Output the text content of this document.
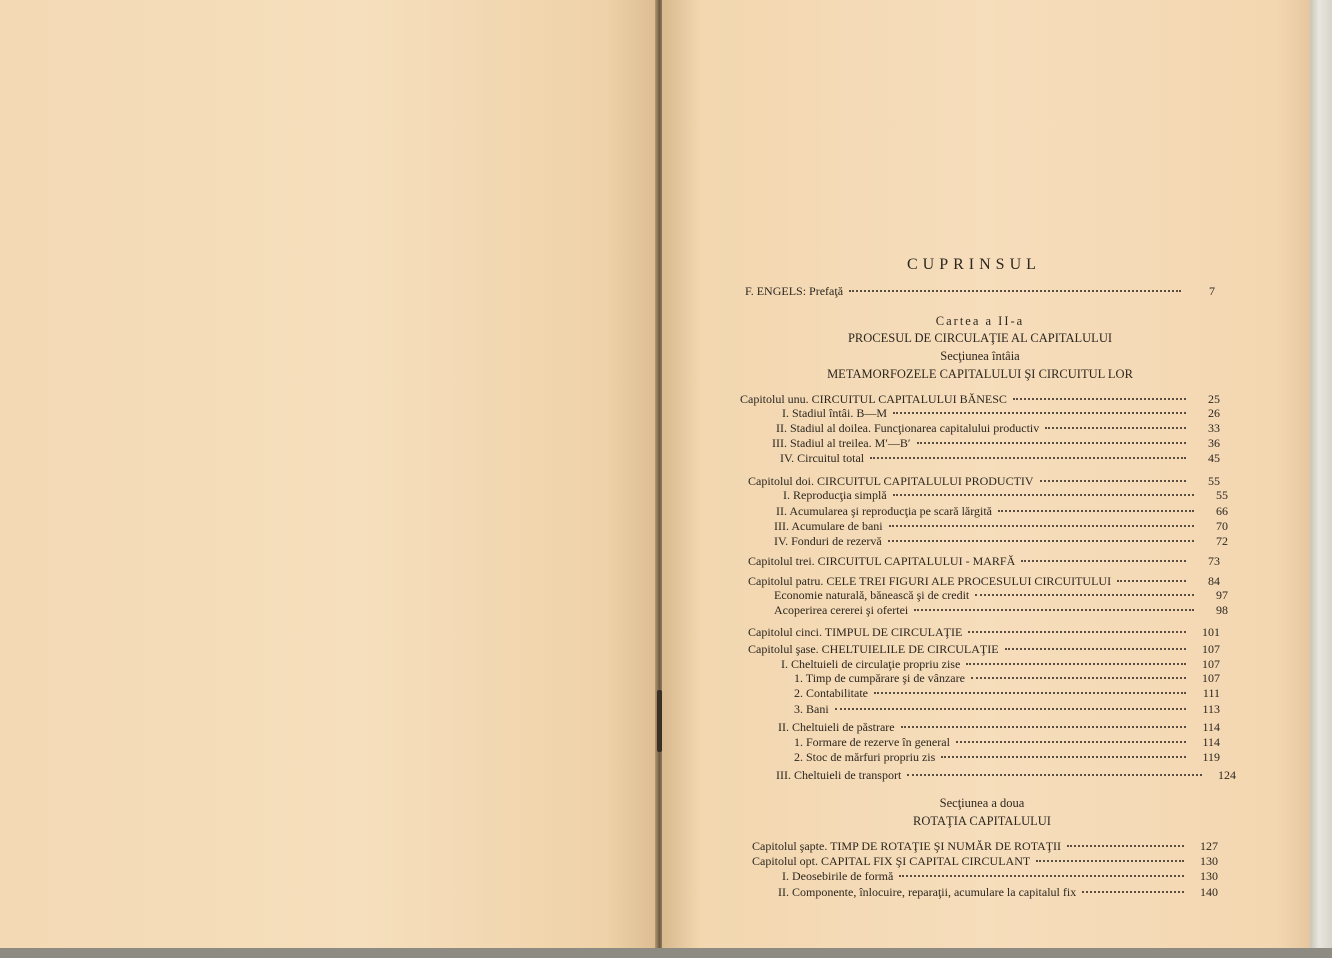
CUPRINSUL
F. ENGELS: Prefaţă	7
Cartea a II-a
PROCESUL DE CIRCULAŢIE AL CAPITALULUI
Secţiunea întâia
METAMORFOZELE CAPITALULUI ŞI CIRCUITUL LOR
Capitolul unu. CIRCUITUL CAPITALULUI BĂNESC	25
I. Stadiul întâi. B—M	26
II. Stadiul al doilea. Funcţionarea capitalului productiv	33
III. Stadiul al treilea. M′—B′	36
IV. Circuitul total	45
Capitolul doi. CIRCUITUL CAPITALULUI PRODUCTIV	55
I. Reproducţia simplă	55
II. Acumularea şi reproducţia pe scară lărgită	66
III. Acumulare de bani	70
IV. Fonduri de rezervă	72
Capitolul trei. CIRCUITUL CAPITALULUI - MARFĂ	73
Capitolul patru. CELE TREI FIGURI ALE PROCESULUI CIRCUITULUI	84
Economie naturală, bănească şi de credit	97
Acoperirea cererei şi ofertei	98
Capitolul cinci. TIMPUL DE CIRCULAŢIE	101
Capitolul şase. CHELTUIELILE DE CIRCULAŢIE	107
I. Cheltuieli de circulaţie propriu zise	107
1. Timp de cumpărare şi de vânzare	107
2. Contabilitate	111
3. Bani	113
II. Cheltuieli de păstrare	114
1. Formare de rezerve în general	114
2. Stoc de mărfuri propriu zis	119
III. Cheltuieli de transport	124
Secţiunea a doua
ROTAŢIA CAPITALULUI
Capitolul şapte. TIMP DE ROTAŢIE ŞI NUMĂR DE ROTAŢII	127
Capitolul opt. CAPITAL FIX ŞI CAPITAL CIRCULANT	130
I. Deosebirile de formă	130
II. Componente, înlocuire, reparaţii, acumulare la capitalul fix	140
